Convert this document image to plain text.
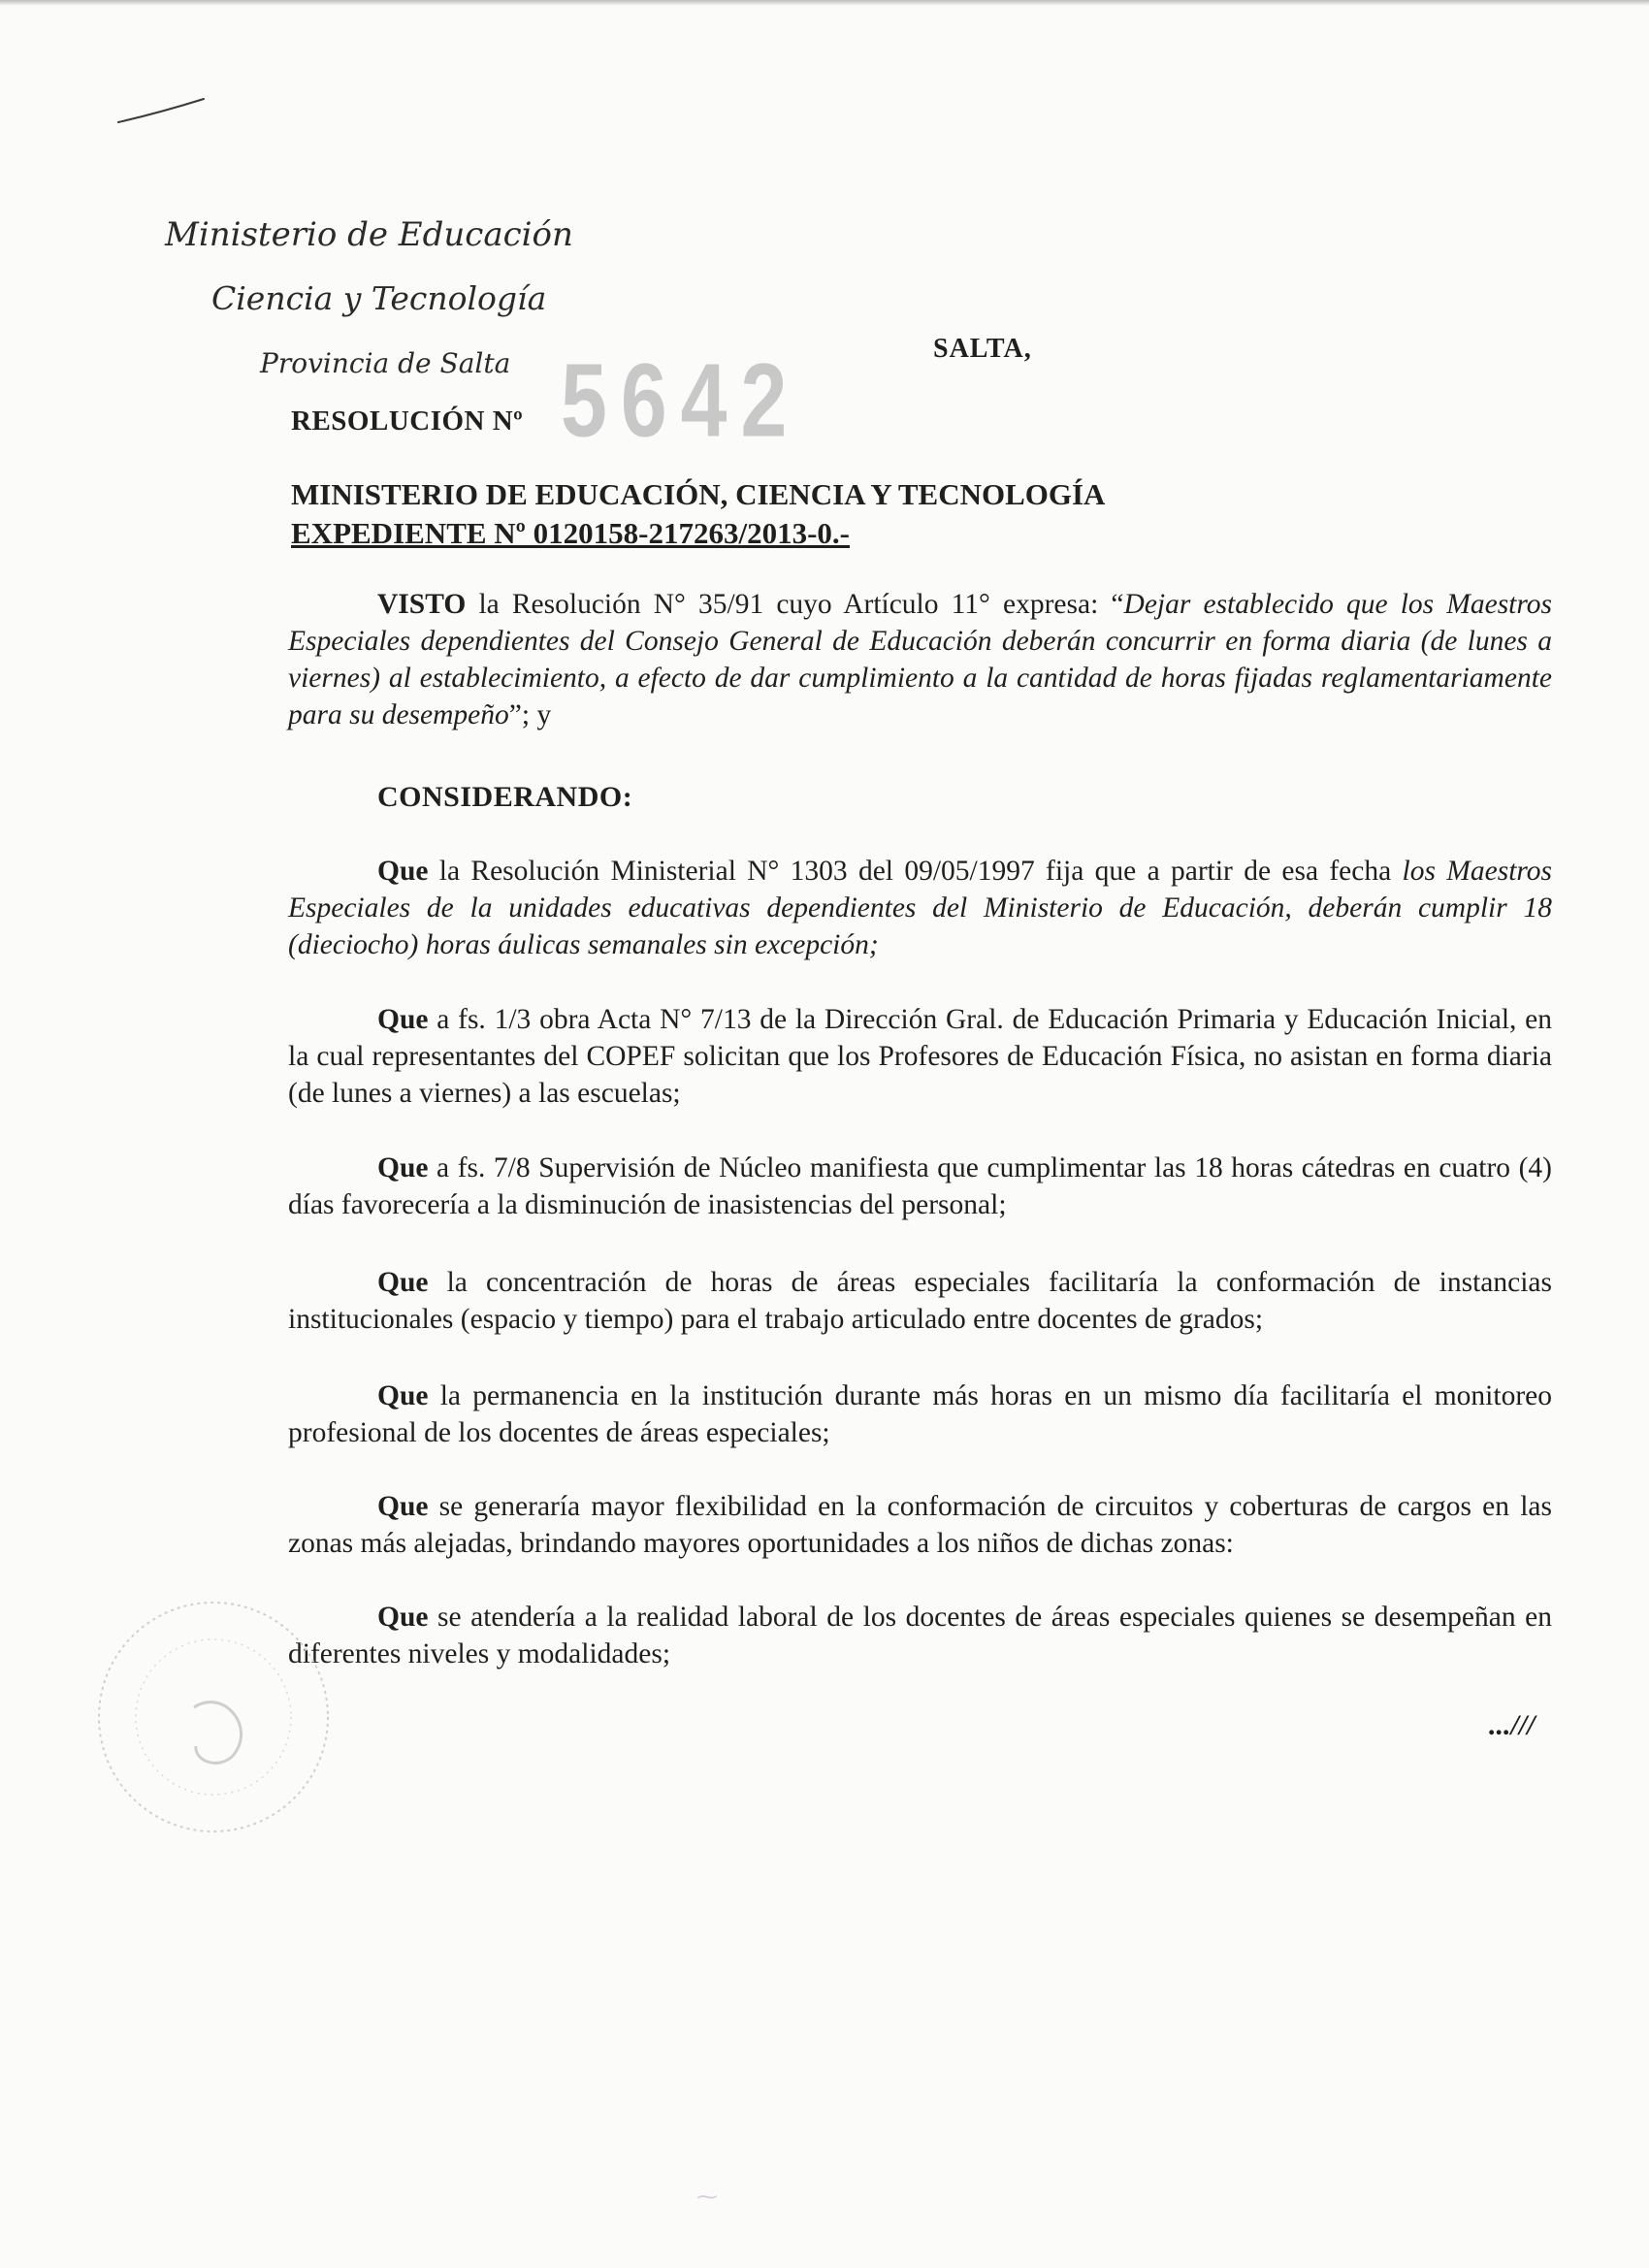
Ministerio de Educación
Ciencia y Tecnología
Provincia de Salta
RESOLUCIÓN Nº 5642	SALTA,
MINISTERIO DE EDUCACIÓN, CIENCIA Y TECNOLOGÍA
EXPEDIENTE Nº 0120158-217263/2013-0.-

VISTO la Resolución N° 35/91 cuyo Artículo 11° expresa: “Dejar establecido que los Maestros Especiales dependientes del Consejo General de Educación deberán concurrir en forma diaria (de lunes a viernes) al establecimiento, a efecto de dar cumplimiento a la cantidad de horas fijadas reglamentariamente para su desempeño”; y

CONSIDERANDO:

Que la Resolución Ministerial N° 1303 del 09/05/1997 fija que a partir de esa fecha los Maestros Especiales de la unidades educativas dependientes del Ministerio de Educación, deberán cumplir 18 (dieciocho) horas áulicas semanales sin excepción;

Que a fs. 1/3 obra Acta N° 7/13 de la Dirección Gral. de Educación Primaria y Educación Inicial, en la cual representantes del COPEF solicitan que los Profesores de Educación Física, no asistan en forma diaria (de lunes a viernes) a las escuelas;

Que a fs. 7/8 Supervisión de Núcleo manifiesta que cumplimentar las 18 horas cátedras en cuatro (4) días favorecería a la disminución de inasistencias del personal;

Que la concentración de horas de áreas especiales facilitaría la conformación de instancias institucionales (espacio y tiempo) para el trabajo articulado entre docentes de grados;

Que la permanencia en la institución durante más horas en un mismo día facilitaría el monitoreo profesional de los docentes de áreas especiales;

Que se generaría mayor flexibilidad en la conformación de circuitos y coberturas de cargos en las zonas más alejadas, brindando mayores oportunidades a los niños de dichas zonas:

Que se atendería a la realidad laboral de los docentes de áreas especiales quienes se desempeñan en diferentes niveles y modalidades;

...///
⁓
